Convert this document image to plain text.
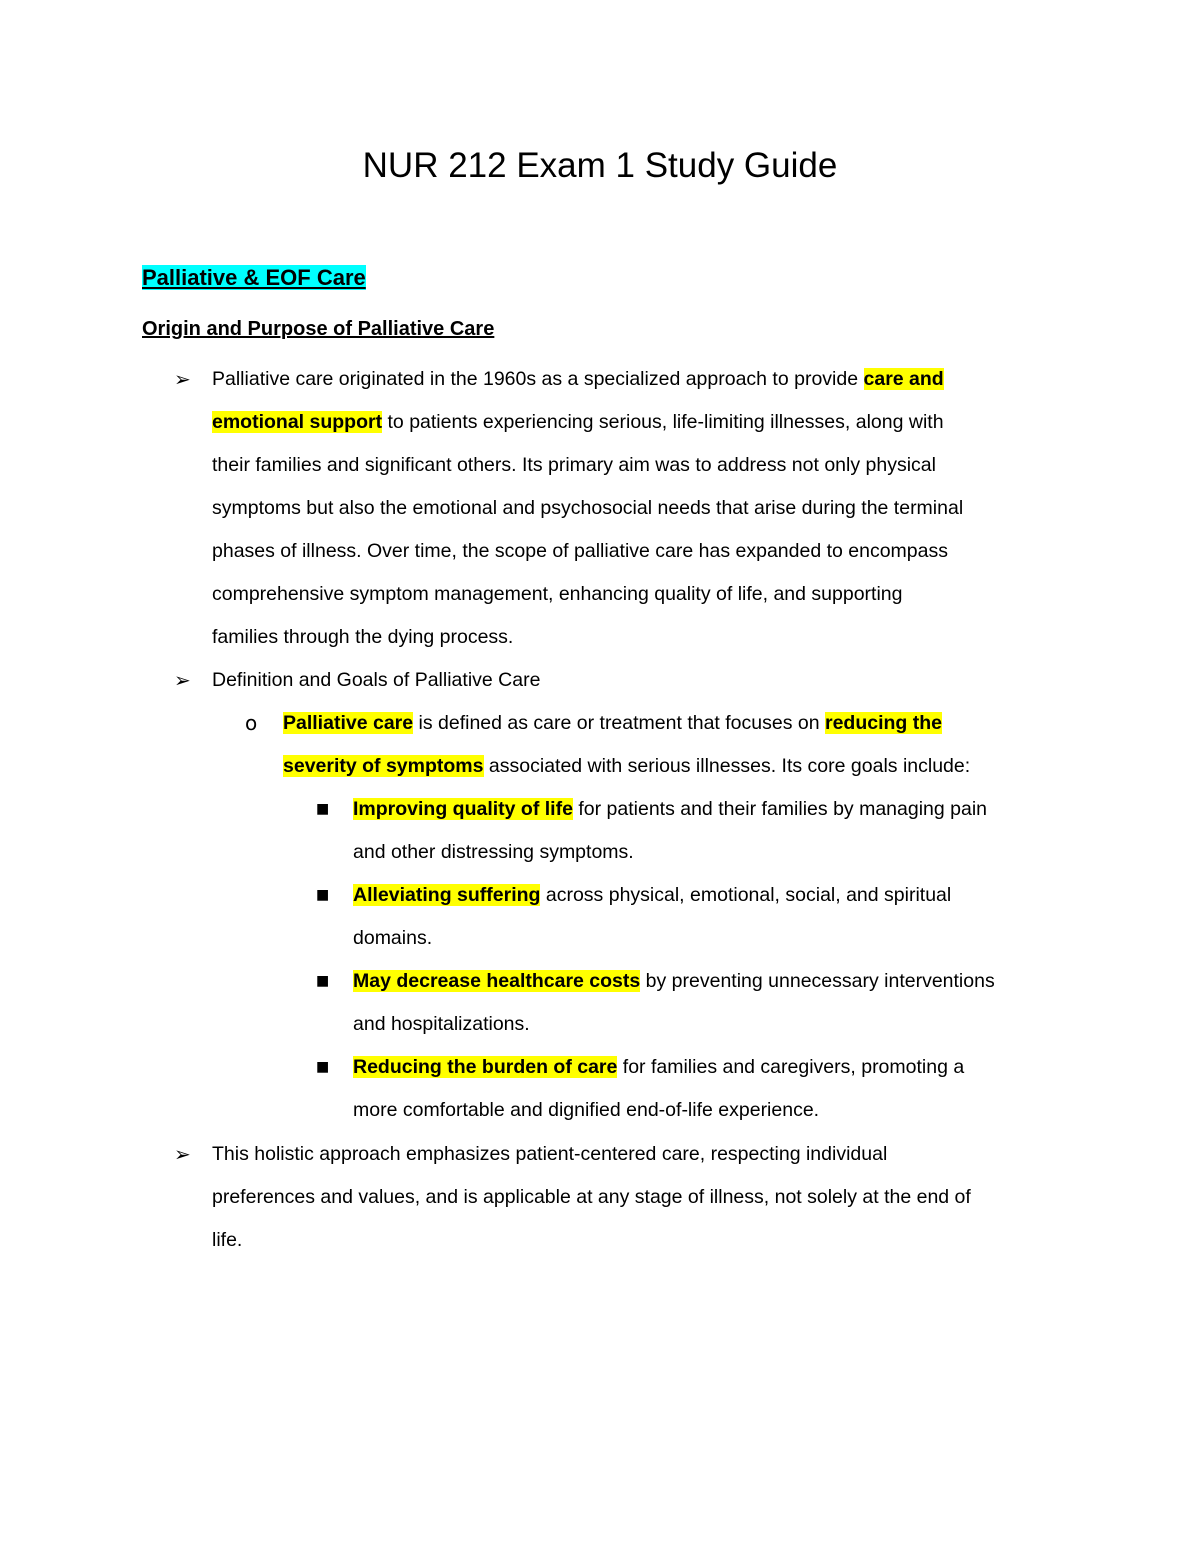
NUR 212 Exam 1 Study Guide
Palliative & EOF Care
Origin and Purpose of Palliative Care
➢ Palliative care originated in the 1960s as a specialized approach to provide care and
emotional support to patients experiencing serious, life-limiting illnesses, along with
their families and significant others. Its primary aim was to address not only physical
symptoms but also the emotional and psychosocial needs that arise during the terminal
phases of illness. Over time, the scope of palliative care has expanded to encompass
comprehensive symptom management, enhancing quality of life, and supporting
families through the dying process.
➢ Definition and Goals of Palliative Care
o Palliative care is defined as care or treatment that focuses on reducing the
severity of symptoms associated with serious illnesses. Its core goals include:
■ Improving quality of life for patients and their families by managing pain
and other distressing symptoms.
■ Alleviating suffering across physical, emotional, social, and spiritual
domains.
■ May decrease healthcare costs by preventing unnecessary interventions
and hospitalizations.
■ Reducing the burden of care for families and caregivers, promoting a
more comfortable and dignified end-of-life experience.
➢ This holistic approach emphasizes patient-centered care, respecting individual
preferences and values, and is applicable at any stage of illness, not solely at the end of
life.
